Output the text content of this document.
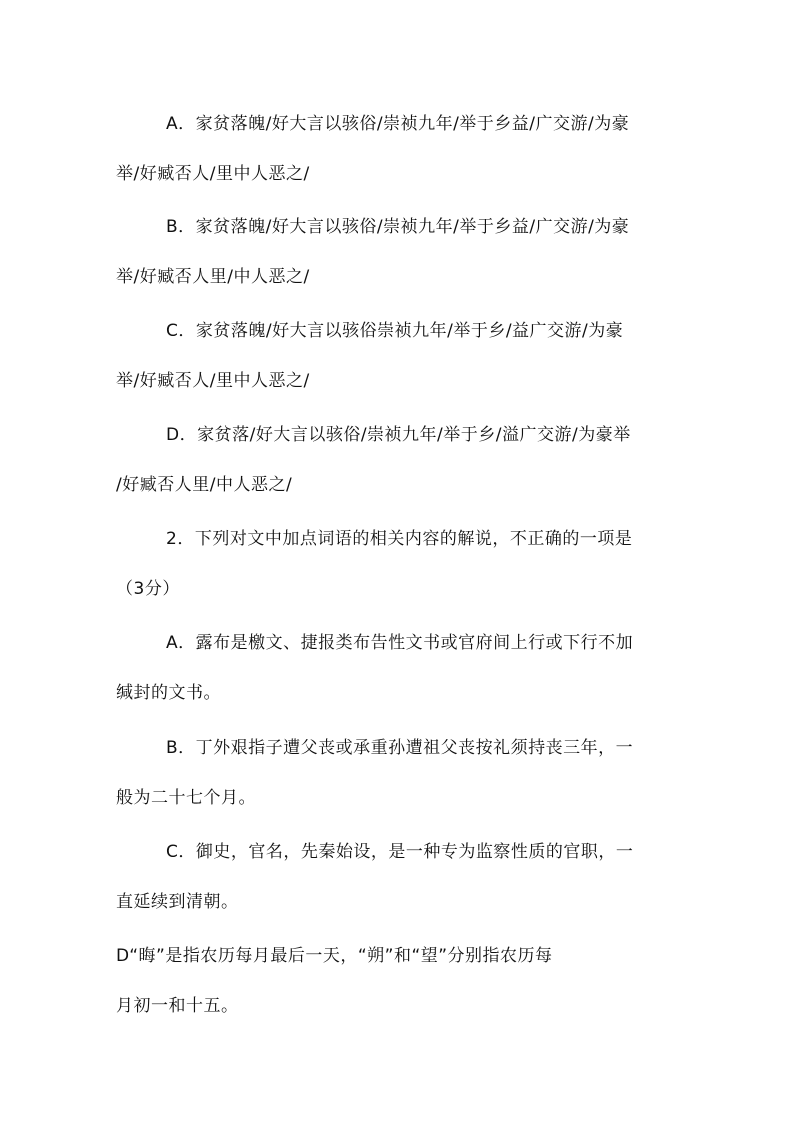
A．家贫落魄/好大言以骇俗/崇祯九年/举于乡益/广交游/为豪
举/好臧否人/里中人恶之/
B．家贫落魄/好大言以骇俗/崇祯九年/举于乡益/广交游/为豪
举/好臧否人里/中人恶之/
C．家贫落魄/好大言以骇俗崇祯九年/举于乡/益广交游/为豪
举/好臧否人/里中人恶之/
D．家贫落/好大言以骇俗/崇祯九年/举于乡/溢广交游/为豪举
/好臧否人里/中人恶之/
2．下列对文中加点词语的相关内容的解说，不正确的一项是
（3分）
A．露布是檄文、捷报类布告性文书或官府间上行或下行不加
缄封的文书。
B．丁外艰指子遭父丧或承重孙遭祖父丧按礼须持丧三年，一
般为二十七个月。
C．御史，官名，先秦始设，是一种专为监察性质的官职，一
直延续到清朝。
D“晦”是指农历每月最后一天，“朔”和“望”分别指农历每
月初一和十五。
